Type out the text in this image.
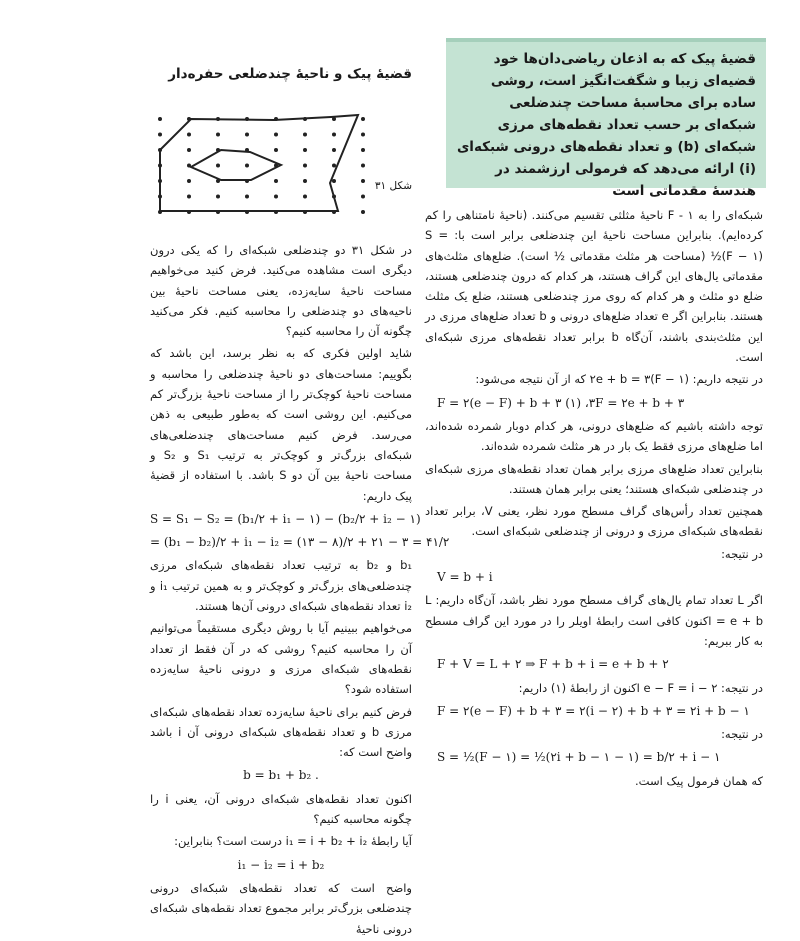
قضیهٔ پیک که به اذعان ریاضی‌دان‌ها خود قضیه‌ای زیبا و شگفت‌انگیز است، روشی ساده برای محاسبهٔ مساحت چندضلعی شبکه‌ای بر حسب تعداد نقطه‌های مرزی شبکه‌ای (b) و تعداد نقطه‌های درونی شبکه‌ای (i) ارائه می‌دهد که فرمولی ارزشمند در هندسهٔ مقدماتی است
قضیهٔ پیک و ناحیهٔ چندضلعی حفره‌دار
شکل ۳۱

شبکه‌ای را به F - ۱ ناحیهٔ مثلثی تقسیم می‌کنند. (ناحیهٔ نامتناهی را کم کرده‌ایم). بنابراین مساحت ناحیهٔ این چندضلعی برابر است با: S = ½(F − ۱) (مساحت هر مثلث مقدماتی ½ است). ضلع‌های مثلث‌های مقدماتی یال‌های این گراف هستند، هر کدام که درون چندضلعی هستند، ضلع دو مثلث و هر کدام که روی مرز چندضلعی هستند، ضلع یک مثلث هستند. بنابراین اگر e تعداد ضلع‌های درونی و b تعداد ضلع‌های مرزی در این مثلث‌بندی باشند، آن‌گاه b برابر تعداد نقطه‌های مرزی شبکه‌ای است.

در نتیجه داریم: ۲e + b = ۳(F − ۱) که از آن نتیجه می‌شود:

F = ۲(e − F) + b + ۳ (۱) ،۳F = ۲e + b + ۳

توجه داشته باشیم که ضلع‌های درونی، هر کدام دوبار شمرده شده‌اند، اما ضلع‌های مرزی فقط یک بار در هر مثلث شمرده شده‌اند.

بنابراین تعداد ضلع‌های مرزی برابر همان تعداد نقطه‌های مرزی شبکه‌ای در چندضلعی شبکه‌ای هستند؛ یعنی برابر همان هستند.

همچنین تعداد رأس‌های گراف مسطح مورد نظر، یعنی V، برابر تعداد نقطه‌های شبکه‌ای مرزی و درونی از چندضلعی شبکه‌ای است.

در نتیجه:

V = b + i

اگر L تعداد تمام یال‌های گراف مسطح مورد نظر باشد، آن‌گاه داریم: L = e + b اکنون کافی است رابطهٔ اویلر را در مورد این گراف مسطح به کار ببریم:

F + V = L + ۲ ⇒ F + b + i = e + b + ۲

در نتیجه: e − F = i − ۲ اکنون از رابطهٔ (۱) داریم:

F = ۲(e − F) + b + ۳ = ۲(i − ۲) + b + ۳ = ۲i + b − ۱

در نتیجه:

S = ½(F − ۱) = ½(۲i + b − ۱ − ۱) = b/۲ + i − ۱

که همان فرمول پیک است.

در شکل ۳۱ دو چندضلعی شبکه‌ای را که یکی درون دیگری است مشاهده می‌کنید. فرض کنید می‌خواهیم مساحت ناحیهٔ سایه‌زده، یعنی مساحت ناحیهٔ بین ناحیه‌های دو چندضلعی را محاسبه کنیم. فکر می‌کنید چگونه آن را محاسبه کنیم؟

شاید اولین فکری که به نظر برسد، این باشد که بگوییم: مساحت‌های دو ناحیهٔ چندضلعی را محاسبه و مساحت ناحیهٔ کوچک‌تر را از مساحت ناحیهٔ بزرگ‌تر کم می‌کنیم. این روشی است که به‌طور طبیعی به ذهن می‌رسد. فرض کنیم مساحت‌های چندضلعی‌های شبکه‌ای بزرگ‌تر و کوچک‌تر به ترتیب S₁ و S₂ و مساحت ناحیهٔ بین آن دو S باشد. با استفاده از قضیهٔ پیک داریم:

S = S₁ − S₂ = (b₁/۲ + i₁ − ۱) − (b₂/۲ + i₂ − ۱)
= (b₁ − b₂)/۲ + i₁ − i₂ = (۱۳ − ۸)/۲ + ۲۱ − ۳ = ۴۱/۲

b₁ و b₂ به ترتیب تعداد نقطه‌های شبکه‌ای مرزی چندضلعی‌های بزرگ‌تر و کوچک‌تر و به همین ترتیب i₁ و i₂ تعداد نقطه‌های شبکه‌ای درونی آن‌ها هستند.

می‌خواهیم ببینیم آیا با روش دیگری مستقیماً می‌توانیم آن را محاسبه کنیم؟ روشی که در آن فقط از تعداد نقطه‌های شبکه‌ای مرزی و درونی ناحیهٔ سایه‌زده استفاده شود؟

فرض کنیم برای ناحیهٔ سایه‌زده تعداد نقطه‌های شبکه‌ای مرزی b و تعداد نقطه‌های شبکه‌ای درونی آن i باشد واضح است که:

b = b₁ + b₂ .

اکنون تعداد نقطه‌های شبکه‌ای درونی آن، یعنی i را چگونه محاسبه کنیم؟

آیا رابطهٔ i₁ = i + b₂ + i₂ درست است؟ بنابراین:

i₁ − i₂ = i + b₂

واضح است که تعداد نقطه‌های شبکه‌ای درونی چندضلعی بزرگ‌تر برابر مجموع تعداد نقطه‌های شبکه‌ای درونی ناحیهٔ
